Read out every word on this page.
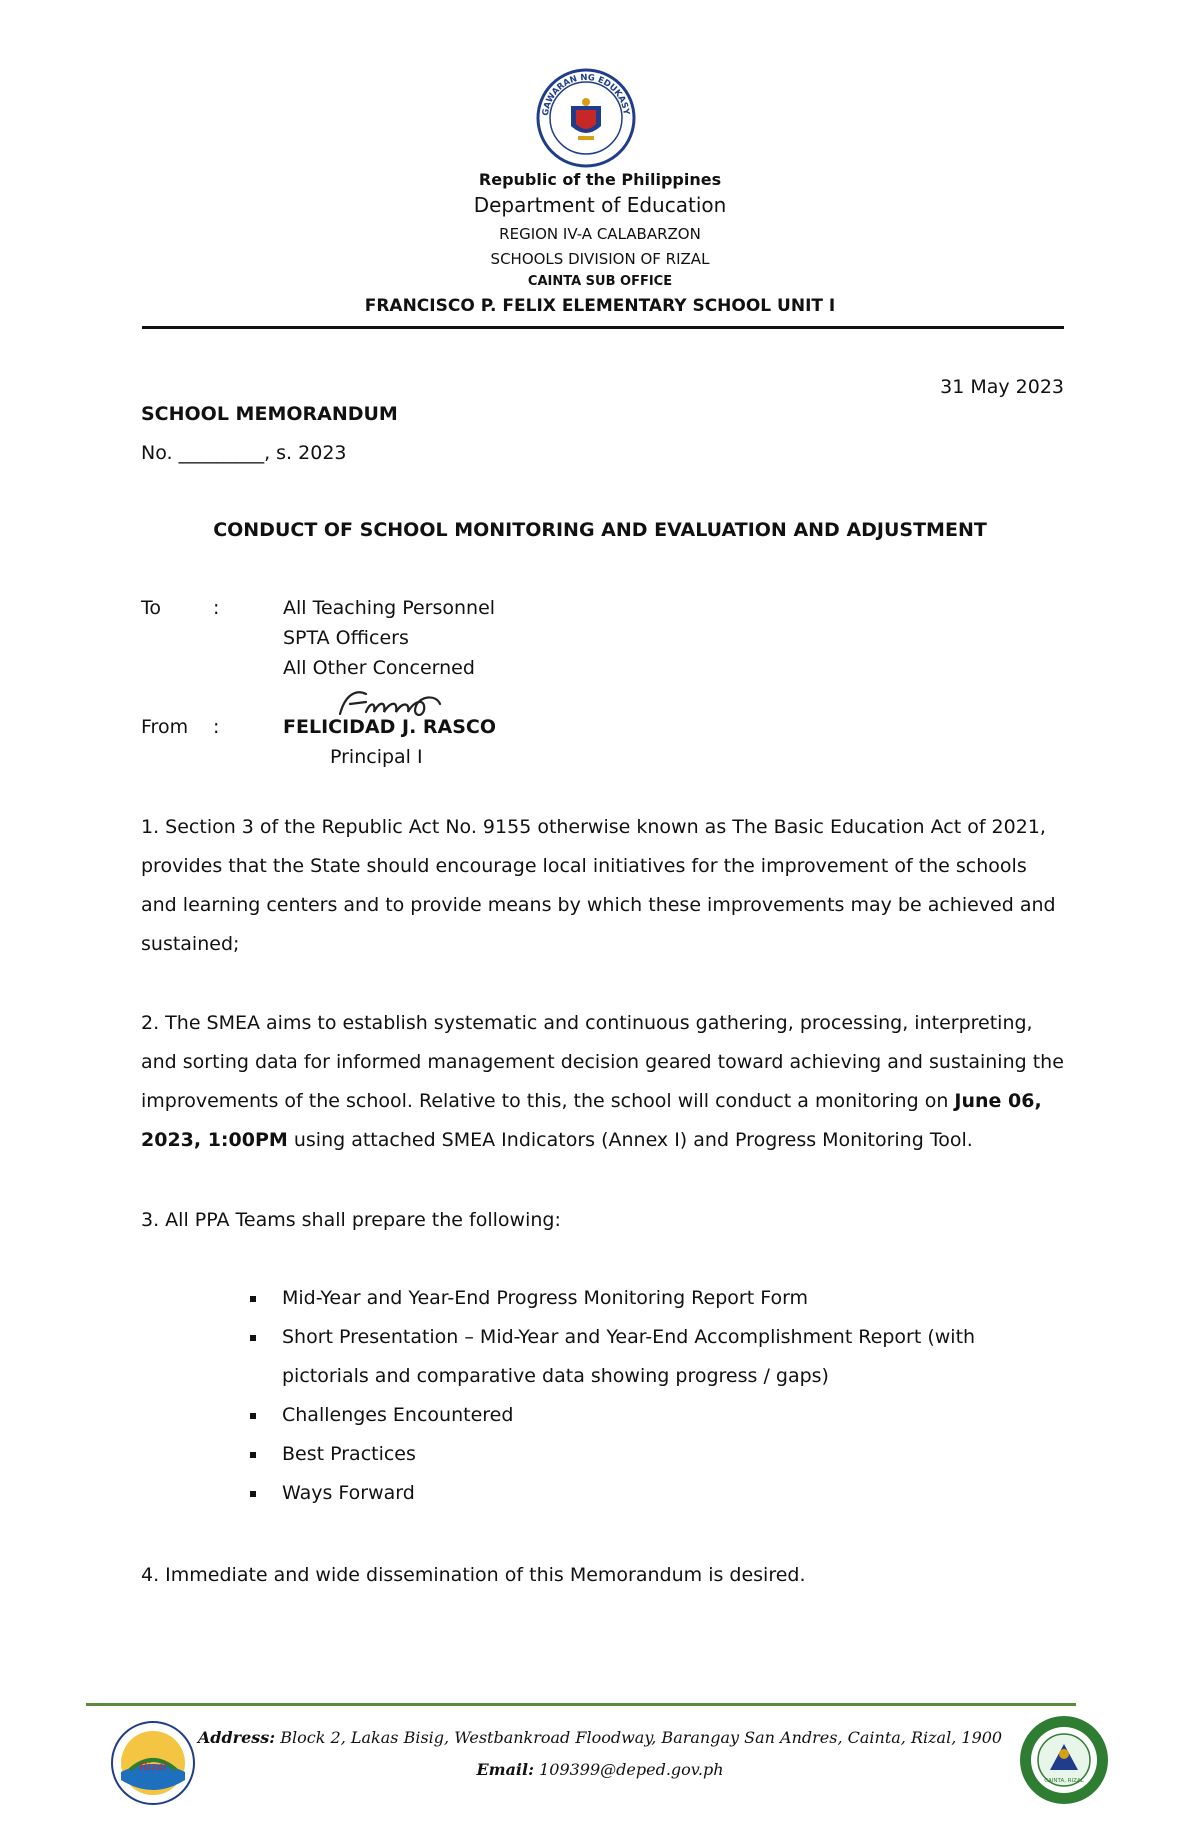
GAWARAN NG EDUKASY
Republic of the Philippines
Department of Education
REGION IV-A CALABARZON
SCHOOLS DIVISION OF RIZAL
CAINTA SUB OFFICE
FRANCISCO P. FELIX ELEMENTARY SCHOOL UNIT I
31 May 2023
SCHOOL MEMORANDUM
No. _________, s. 2023
CONDUCT OF SCHOOL MONITORING AND EVALUATION AND ADJUSTMENT
To	:	All Teaching Personnel
SPTA Officers
All Other Concerned
From :	FELICIDAD J. RASCO
Principal I

1. Section 3 of the Republic Act No. 9155 otherwise known as The Basic Education Act of 2021, provides that the State should encourage local initiatives for the improvement of the schools and learning centers and to provide means by which these improvements may be achieved and sustained;

2. The SMEA aims to establish systematic and continuous gathering, processing, interpreting, and sorting data for informed management decision geared toward achieving and sustaining the improvements of the school. Relative to this, the school will conduct a monitoring on June 06, 2023, 1:00PM using attached SMEA Indicators (Annex I) and Progress Monitoring Tool.

3. All PPA Teams shall prepare the following:

Mid-Year and Year-End Progress Monitoring Report Form
Short Presentation – Mid-Year and Year-End Accomplishment Report (with pictorials and comparative data showing progress / gaps)
Challenges Encountered
Best Practices
Ways Forward

4. Immediate and wide dissemination of this Memorandum is desired.

Rizal
Address: Block 2, Lakas Bisig, Westbankroad Floodway, Barangay San Andres, Cainta, Rizal, 1900
Email: 109399@deped.gov.ph
CAINTA, RIZAL
